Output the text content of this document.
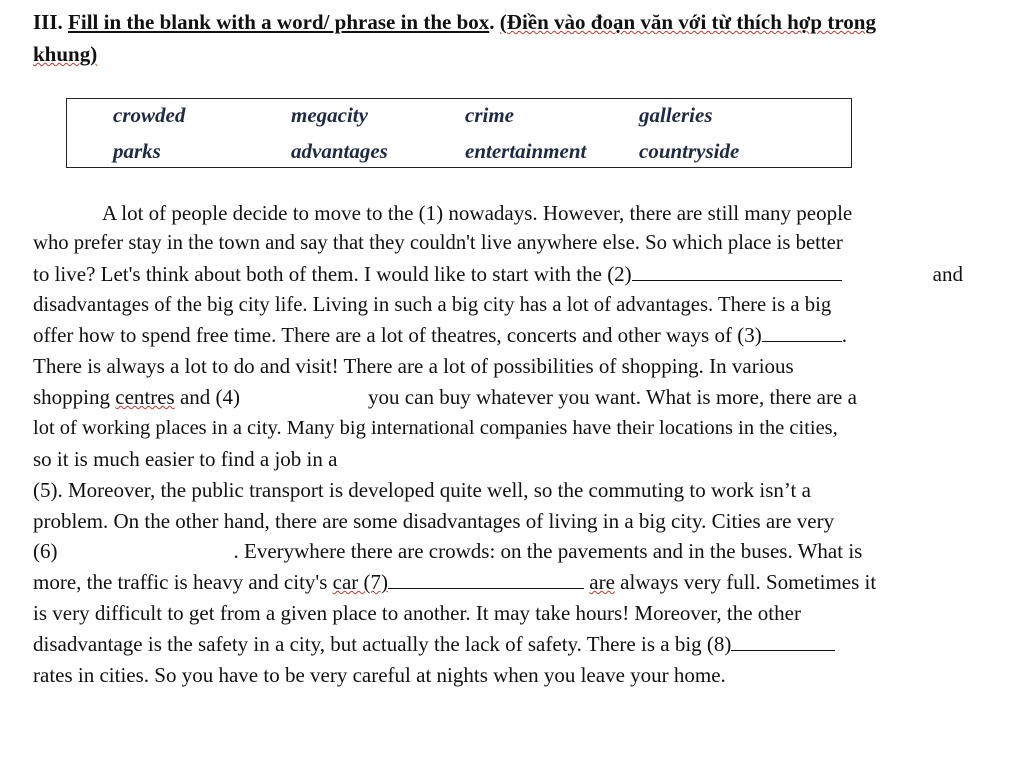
III. Fill in the blank with a word/ phrase in the box. (Điền vào đoạn văn với từ thích hợp trong
khung)
crowded	megacity	crime	galleries
parks	advantages	entertainment	countryside
A lot of people decide to move to the (1) nowadays. However, there are still many people
who prefer stay in the town and say that they couldn't live anywhere else. So which place is better
to live? Let's think about both of them. I would like to start with the (2)	and
disadvantages of the big city life. Living in such a big city has a lot of advantages. There is a big
offer how to spend free time. There are a lot of theatres, concerts and other ways of (3)	.
There is always a lot to do and visit! There are a lot of possibilities of shopping. In various
shopping centres and (4)	you can buy whatever you want. What is more, there are a
lot of working places in a city. Many big international companies have their locations in the cities,
so it is much easier to find a job in a
(5). Moreover, the public transport is developed quite well, so the commuting to work isn’t a
problem. On the other hand, there are some disadvantages of living in a big city. Cities are very
(6)	. Everywhere there are crowds: on the pavements and in the buses. What is
more, the traffic is heavy and city's car (7)	are always very full. Sometimes it
is very difficult to get from a given place to another. It may take hours! Moreover, the other
disadvantage is the safety in a city, but actually the lack of safety. There is a big (8)
rates in cities. So you have to be very careful at nights when you leave your home.
